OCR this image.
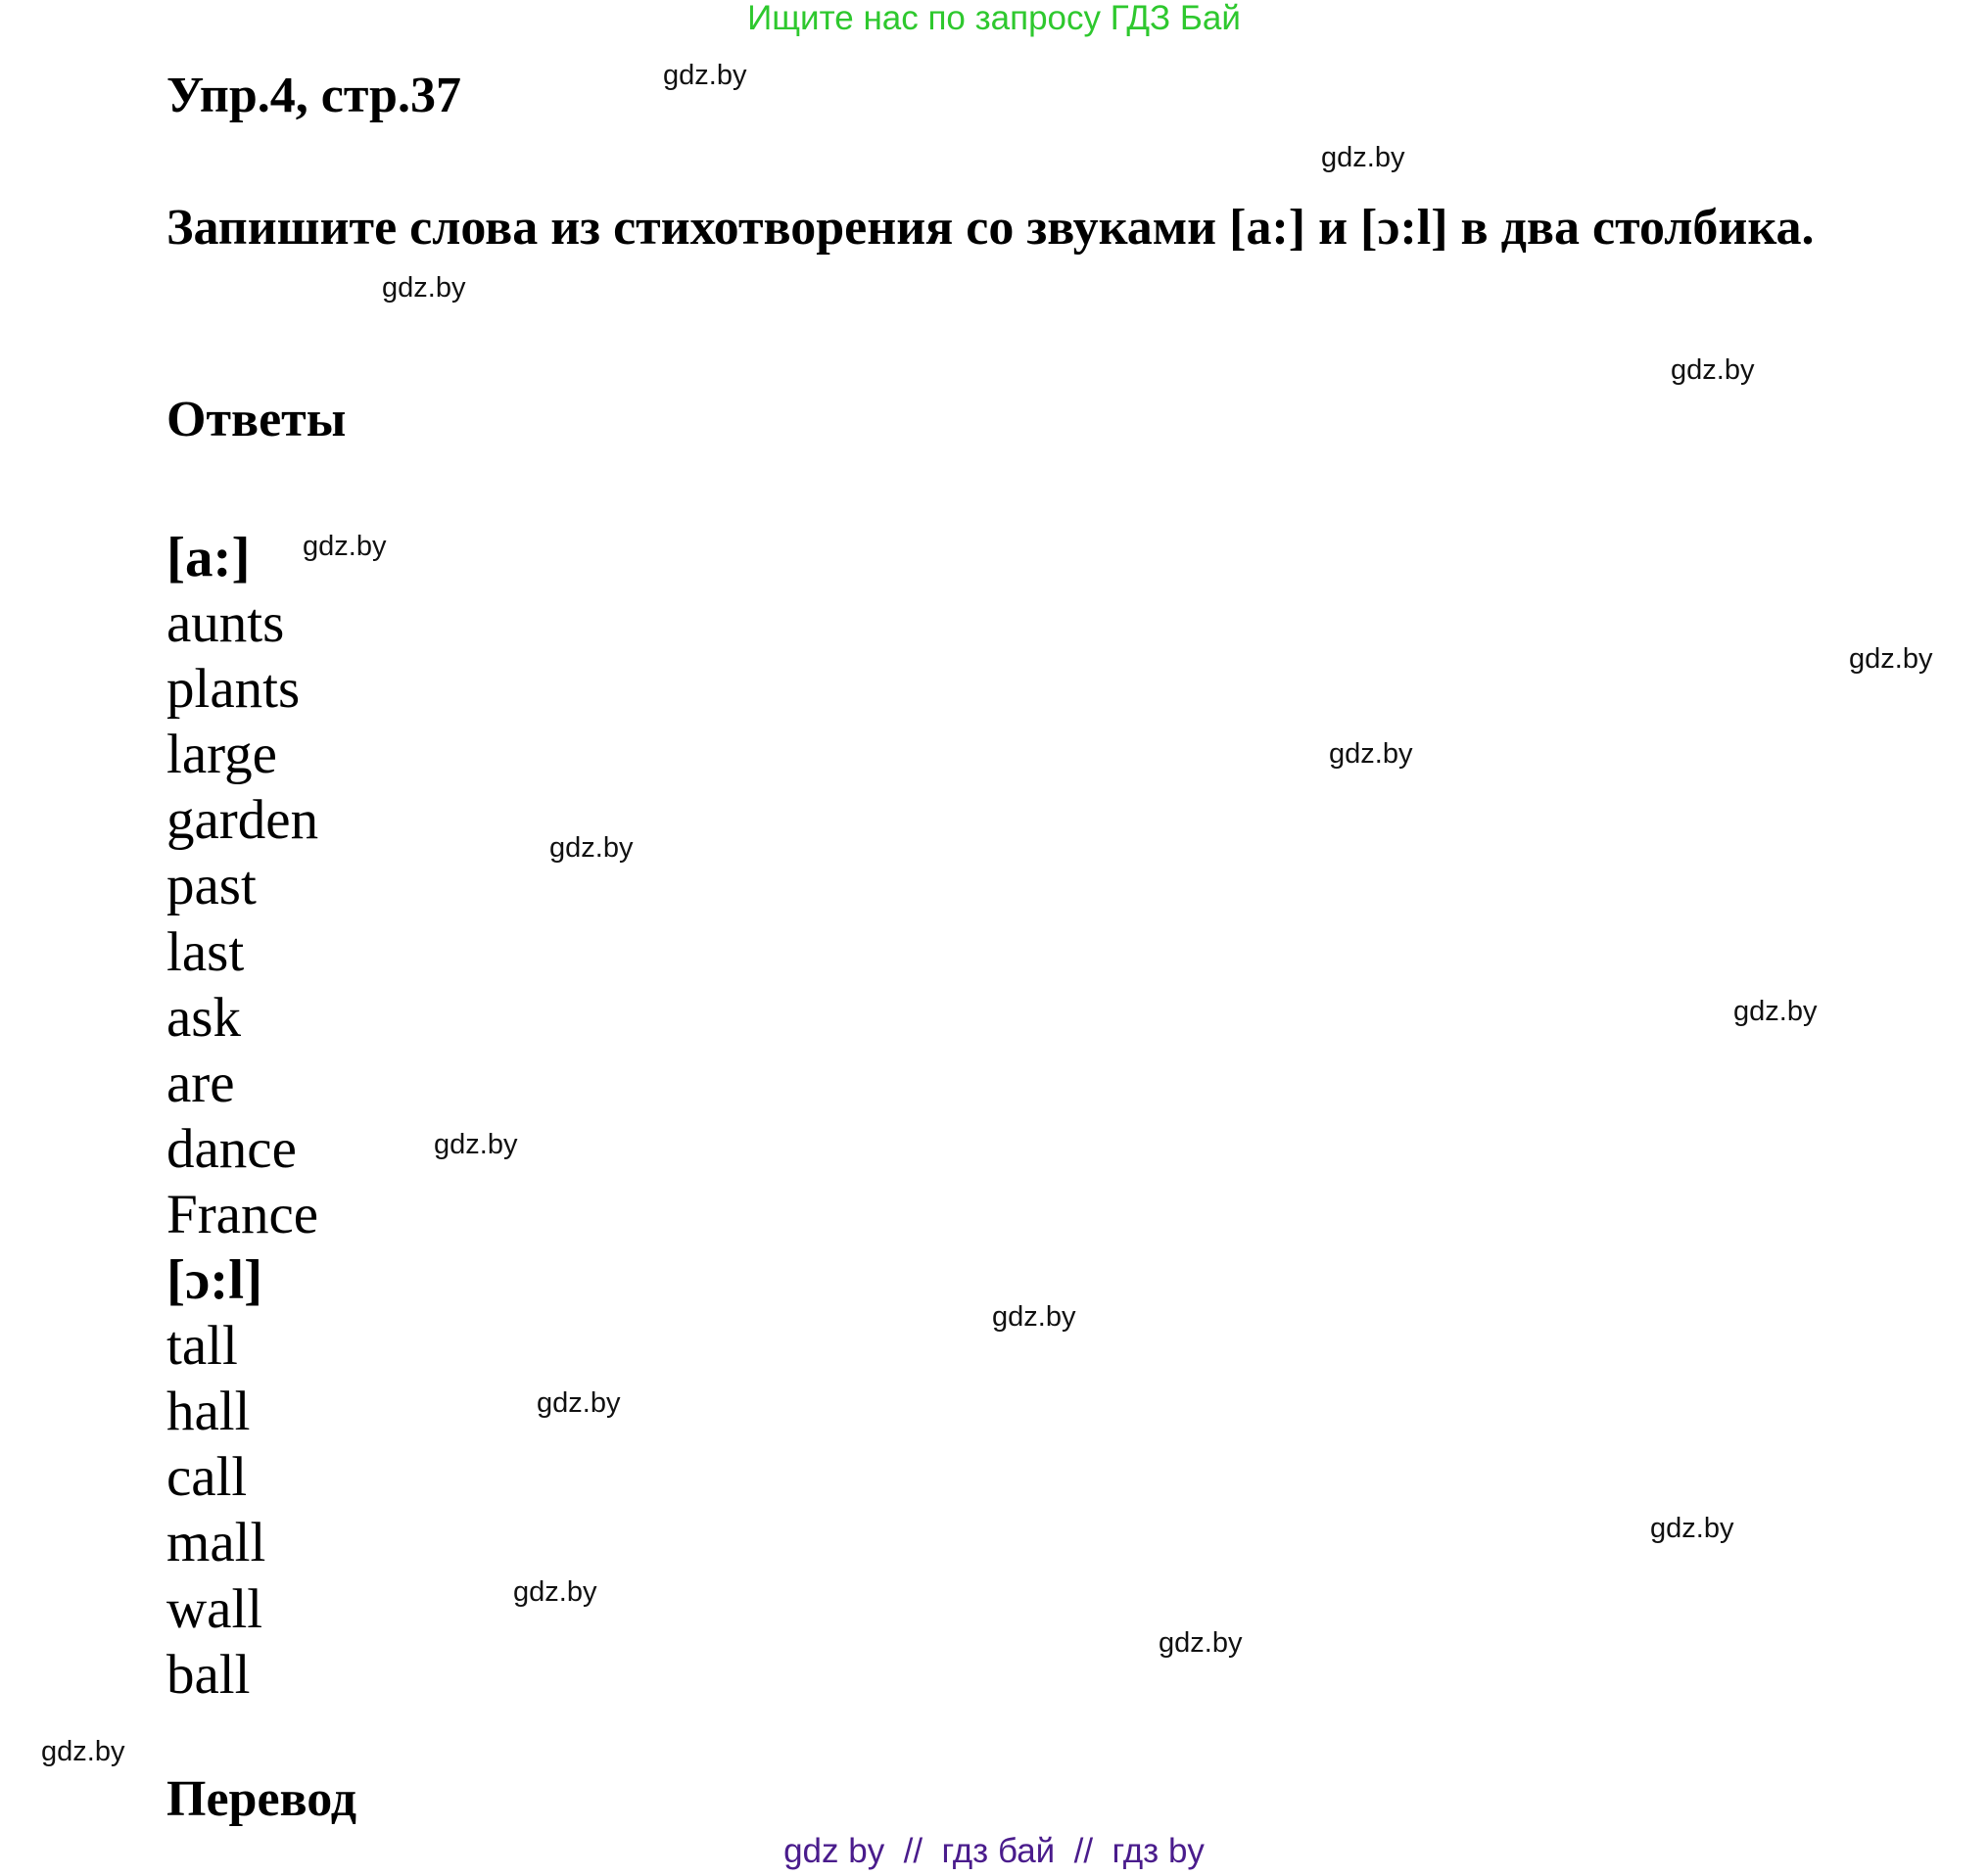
Ищите нас по запросу ГДЗ Бай
Упр.4, стр.37
Запишите слова из стихотворения со звуками [a:] и [ɔ:l] в два столбика.
Ответы
[a:]
aunts
plants
large
garden
past
last
ask
are
dance
France
[ɔ:l]
tall
hall
call
mall
wall
ball
Перевод
gdz.by
gdz.by
gdz.by
gdz.by
gdz.by
gdz.by
gdz.by
gdz.by
gdz.by
gdz.by
gdz.by
gdz.by
gdz.by
gdz.by
gdz.by
gdz.by
gdz by  //  гдз бай  //  гдз by
